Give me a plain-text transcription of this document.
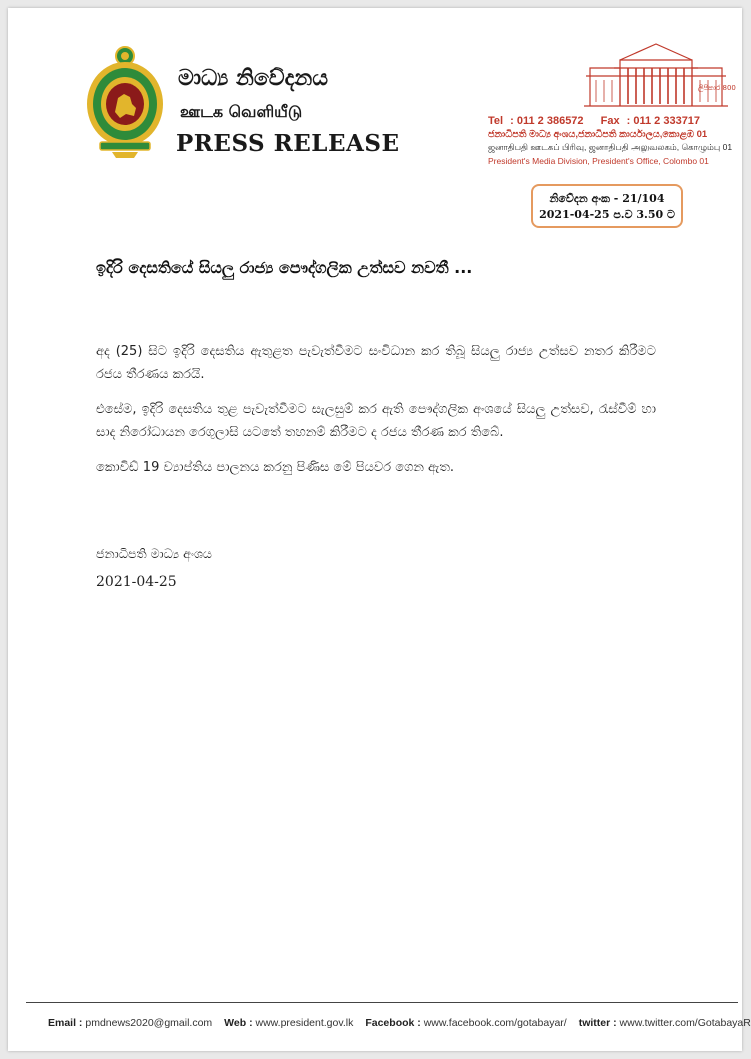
මාධ්‍ය නිවේදනය
ஊடக வெளியீடு
PRESS RELEASE
ලිපිකාර 800
Tel : 011 2 386572 Fax : 011 2 333717
ජනාධිපති මාධ්‍ය අංශය,ජනාධිපති කාර්යාලය,කොළඹ 01
ஜனாதிபதி ஊடகப் பிரிவு, ஜனாதிபதி அலுவலகம், கொழும்பு 01
President's Media Division, President's Office, Colombo 01
නිවේදන අංක - 21/104
2021-04-25 ප.ව 3.50 ට
ඉදිරි දෙසතියේ සියලු රාජ්‍ය පෞද්ගලික උත්සව නවතී ...

අද (25) සිට ඉදිරි දෙසතිය ඇතුළත පැවැත්වීමට සංවිධාන කර තිබූ සියලු රාජ්‍ය උත්සව නතර කිරීමට රජය තීරණය කරයි.

එසේම, ඉදිරි දෙසතිය තුළ පැවැත්වීමට සැලසුම් කර ඇති පෞද්ගලික අංශයේ සියලු උත්සව, රැස්වීම් හා සාද නිරෝධායන රෙගුලාසි යටතේ තහනම් කිරීමට ද රජය තීරණ කර තිබේ.

කොවිඩ් 19 ව්‍යාප්තිය පාලනය කරනු පිණිස මේ පියවර ගෙන ඇත.

ජනාධිපති මාධ්‍ය අංශය
2021-04-25
Email : pmdnews2020@gmail.com Web : www.president.gov.lk Facebook : www.facebook.com/gotabayar/ twitter : www.twitter.com/GotabayaR
